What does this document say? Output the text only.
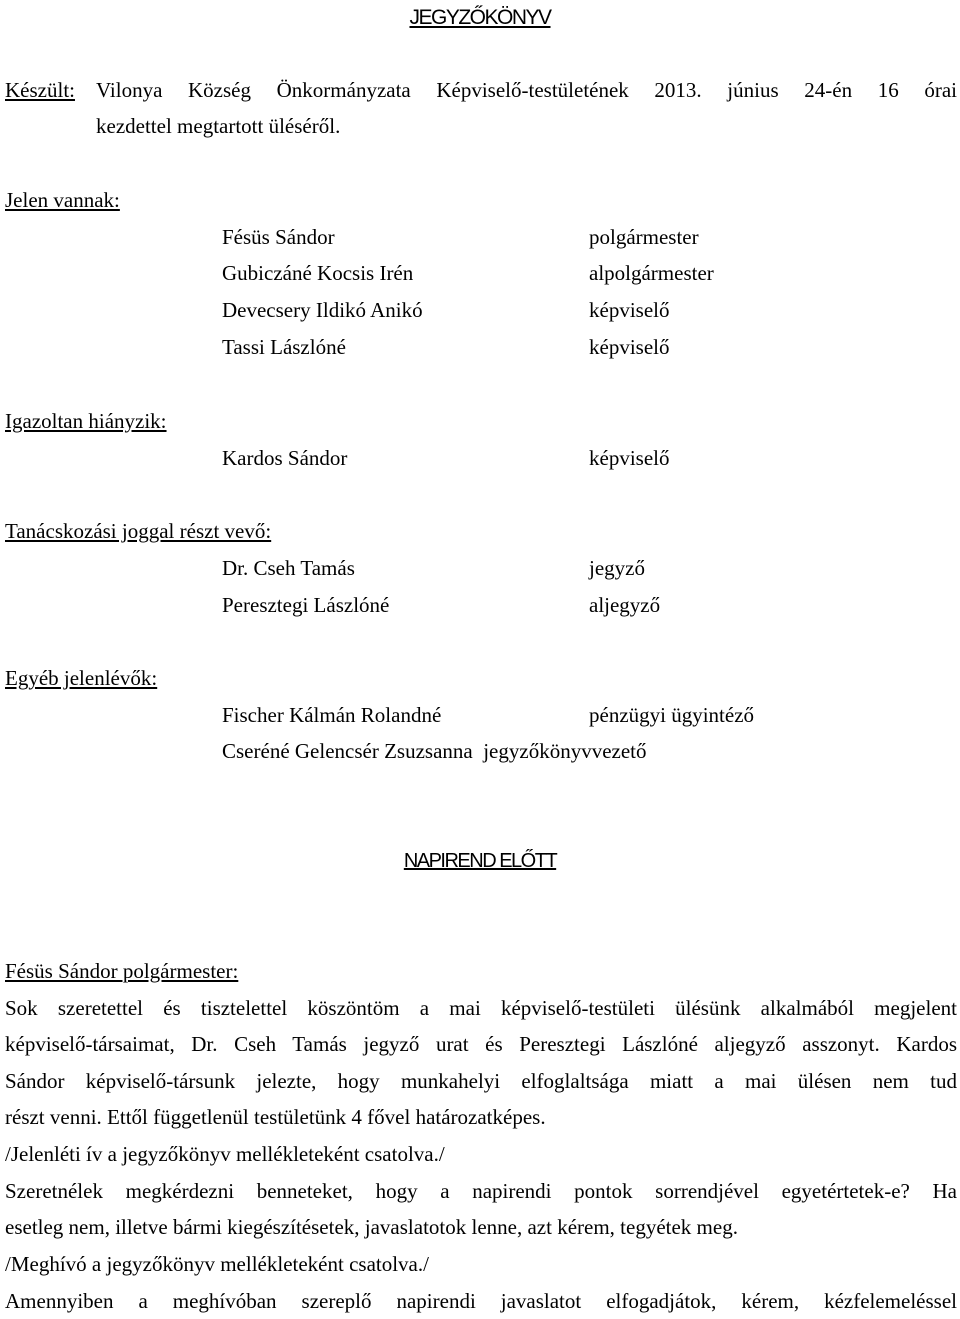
JEGYZŐKÖNYV
Készült: Vilonya Község Önkormányzata Képviselő-testületének 2013. június 24-én 16 órai
kezdettel megtartott üléséről.
Jelen vannak:
Fésüs Sándor	polgármester
Gubiczáné Kocsis Irén	alpolgármester
Devecsery Ildikó Anikó	képviselő
Tassi Lászlóné	képviselő
Igazoltan hiányzik:
Kardos Sándor	képviselő
Tanácskozási joggal részt vevő:
Dr. Cseh Tamás	jegyző
Peresztegi Lászlóné	aljegyző
Egyéb jelenlévők:
Fischer Kálmán Rolandné	pénzügyi ügyintéző
Cseréné Gelencsér Zsuzsanna  jegyzőkönyvvezető
NAPIREND ELŐTT
Fésüs Sándor polgármester:
Sok szeretettel és tisztelettel köszöntöm a mai képviselő-testületi ülésünk alkalmából megjelent
képviselő-társaimat, Dr. Cseh Tamás jegyző urat és Peresztegi Lászlóné aljegyző asszonyt. Kardos
Sándor képviselő-társunk jelezte, hogy munkahelyi elfoglaltsága miatt a mai ülésen nem tud
részt venni. Ettől függetlenül testületünk 4 fővel határozatképes.
/Jelenléti ív a jegyzőkönyv mellékleteként csatolva./
Szeretnélek megkérdezni benneteket, hogy a napirendi pontok sorrendjével egyetértetek-e? Ha
esetleg nem, illetve bármi kiegészítésetek, javaslatotok lenne, azt kérem, tegyétek meg.
/Meghívó a jegyzőkönyv mellékleteként csatolva./
Amennyiben a meghívóban szereplő napirendi javaslatot elfogadjátok, kérem, kézfelemeléssel
